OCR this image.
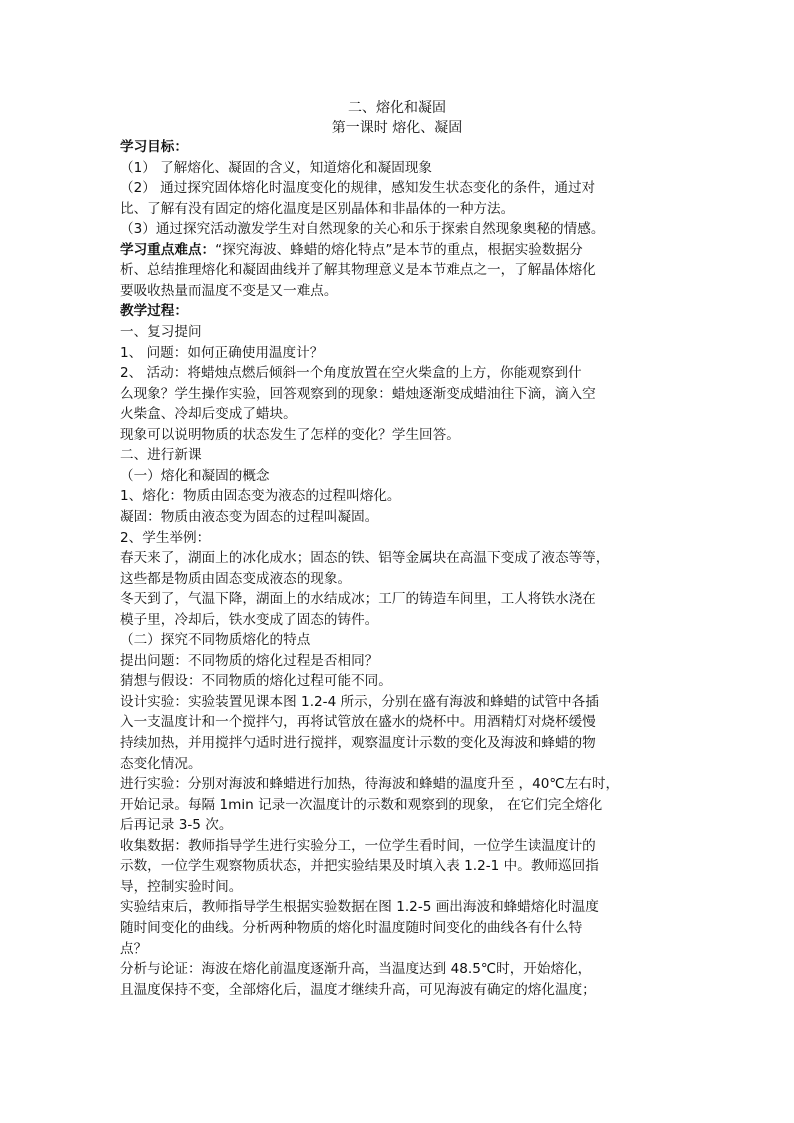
二、熔化和凝固
第一课时 熔化、凝固
学习目标：
（1） 了解熔化、凝固的含义，知道熔化和凝固现象
（2） 通过探究固体熔化时温度变化的规律，感知发生状态变化的条件，通过对
比、了解有没有固定的熔化温度是区别晶体和非晶体的一种方法。
（3）通过探究活动激发学生对自然现象的关心和乐于探索自然现象奥秘的情感。
学习重点难点：“探究海波、蜂蜡的熔化特点”是本节的重点，根据实验数据分
析、总结推理熔化和凝固曲线并了解其物理意义是本节难点之一，了解晶体熔化
要吸收热量而温度不变是又一难点。
教学过程：
一、复习提问
1、 问题：如何正确使用温度计？
2、 活动：将蜡烛点燃后倾斜一个角度放置在空火柴盒的上方，你能观察到什
么现象？学生操作实验，回答观察到的现象：蜡烛逐渐变成蜡油往下滴，滴入空
火柴盒、冷却后变成了蜡块。
现象可以说明物质的状态发生了怎样的变化？学生回答。
二、进行新课
（一）熔化和凝固的概念
1、熔化：物质由固态变为液态的过程叫熔化。
凝固：物质由液态变为固态的过程叫凝固。
2、学生举例：
春天来了，湖面上的冰化成水；固态的铁、铝等金属块在高温下变成了液态等等，
这些都是物质由固态变成液态的现象。
冬天到了，气温下降，湖面上的水结成冰；工厂的铸造车间里，工人将铁水浇在
模子里，冷却后，铁水变成了固态的铸件。
（二）探究不同物质熔化的特点
提出问题：不同物质的熔化过程是否相同？
猜想与假设：不同物质的熔化过程可能不同。
设计实验：实验装置见课本图 1.2-4 所示，分别在盛有海波和蜂蜡的试管中各插
入一支温度计和一个搅拌勺，再将试管放在盛水的烧杯中。用酒精灯对烧杯缓慢
持续加热，并用搅拌勺适时进行搅拌，观察温度计示数的变化及海波和蜂蜡的物
态变化情况。
进行实验：分别对海波和蜂蜡进行加热，待海波和蜂蜡的温度升至 ，40℃左右时，
开始记录。每隔 1min 记录一次温度计的示数和观察到的现象， 在它们完全熔化
后再记录 3-5 次。
收集数据：教师指导学生进行实验分工，一位学生看时间，一位学生读温度计的
示数，一位学生观察物质状态，并把实验结果及时填入表 1.2-1 中。教师巡回指
导，控制实验时间。
实验结束后，教师指导学生根据实验数据在图 1.2-5 画出海波和蜂蜡熔化时温度
随时间变化的曲线。分析两种物质的熔化时温度随时间变化的曲线各有什么特
点？
分析与论证：海波在熔化前温度逐渐升高，当温度达到 48.5℃时，开始熔化，
且温度保持不变，全部熔化后，温度才继续升高，可见海波有确定的熔化温度；
